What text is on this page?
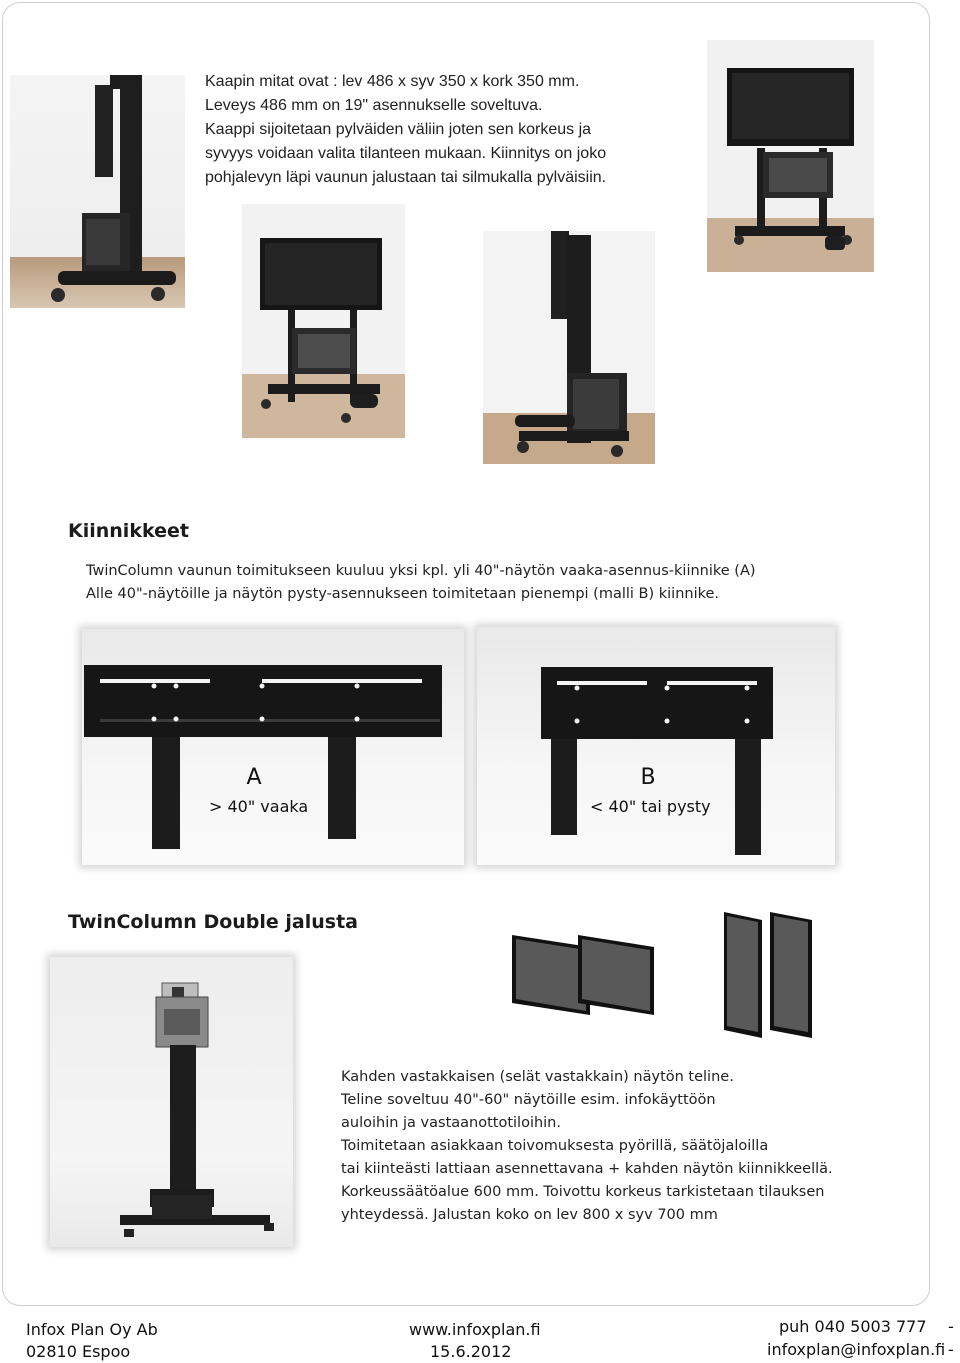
Kaapin mitat ovat : lev 486 x syv 350 x kork 350 mm.
Leveys 486 mm on 19" asennukselle soveltuva.
Kaappi sijoitetaan pylväiden väliin joten sen korkeus ja
syvyys voidaan valita tilanteen mukaan. Kiinnitys on joko
pohjalevyn läpi vaunun jalustaan tai silmukalla pylväisiin.
Kiinnikkeet
TwinColumn vaunun toimitukseen kuuluu yksi kpl. yli 40"-näytön vaaka-asennus-kiinnike (A)
Alle 40"-näytöille ja näytön pysty-asennukseen toimitetaan pienempi (malli B) kiinnike.
A
> 40" vaaka
B
< 40" tai pysty
TwinColumn Double jalusta
Kahden vastakkaisen (selät vastakkain) näytön teline.
Teline soveltuu 40"-60" näytöille esim. infokäyttöön
auloihin ja vastaanottotiloihin.
Toimitetaan asiakkaan toivomuksesta pyörillä, säätöjaloilla
tai kiinteästi lattiaan asennettavana + kahden näytön kiinnikkeellä.
Korkeussäätöalue 600 mm. Toivottu korkeus tarkistetaan tilauksen
yhteydessä. Jalustan koko on lev 800 x syv 700 mm
Infox Plan Oy Ab
02810 Espoo
www.infoxplan.fi
15.6.2012
puh 040 5003 777
infoxplan@infoxplan.fi
-
-
